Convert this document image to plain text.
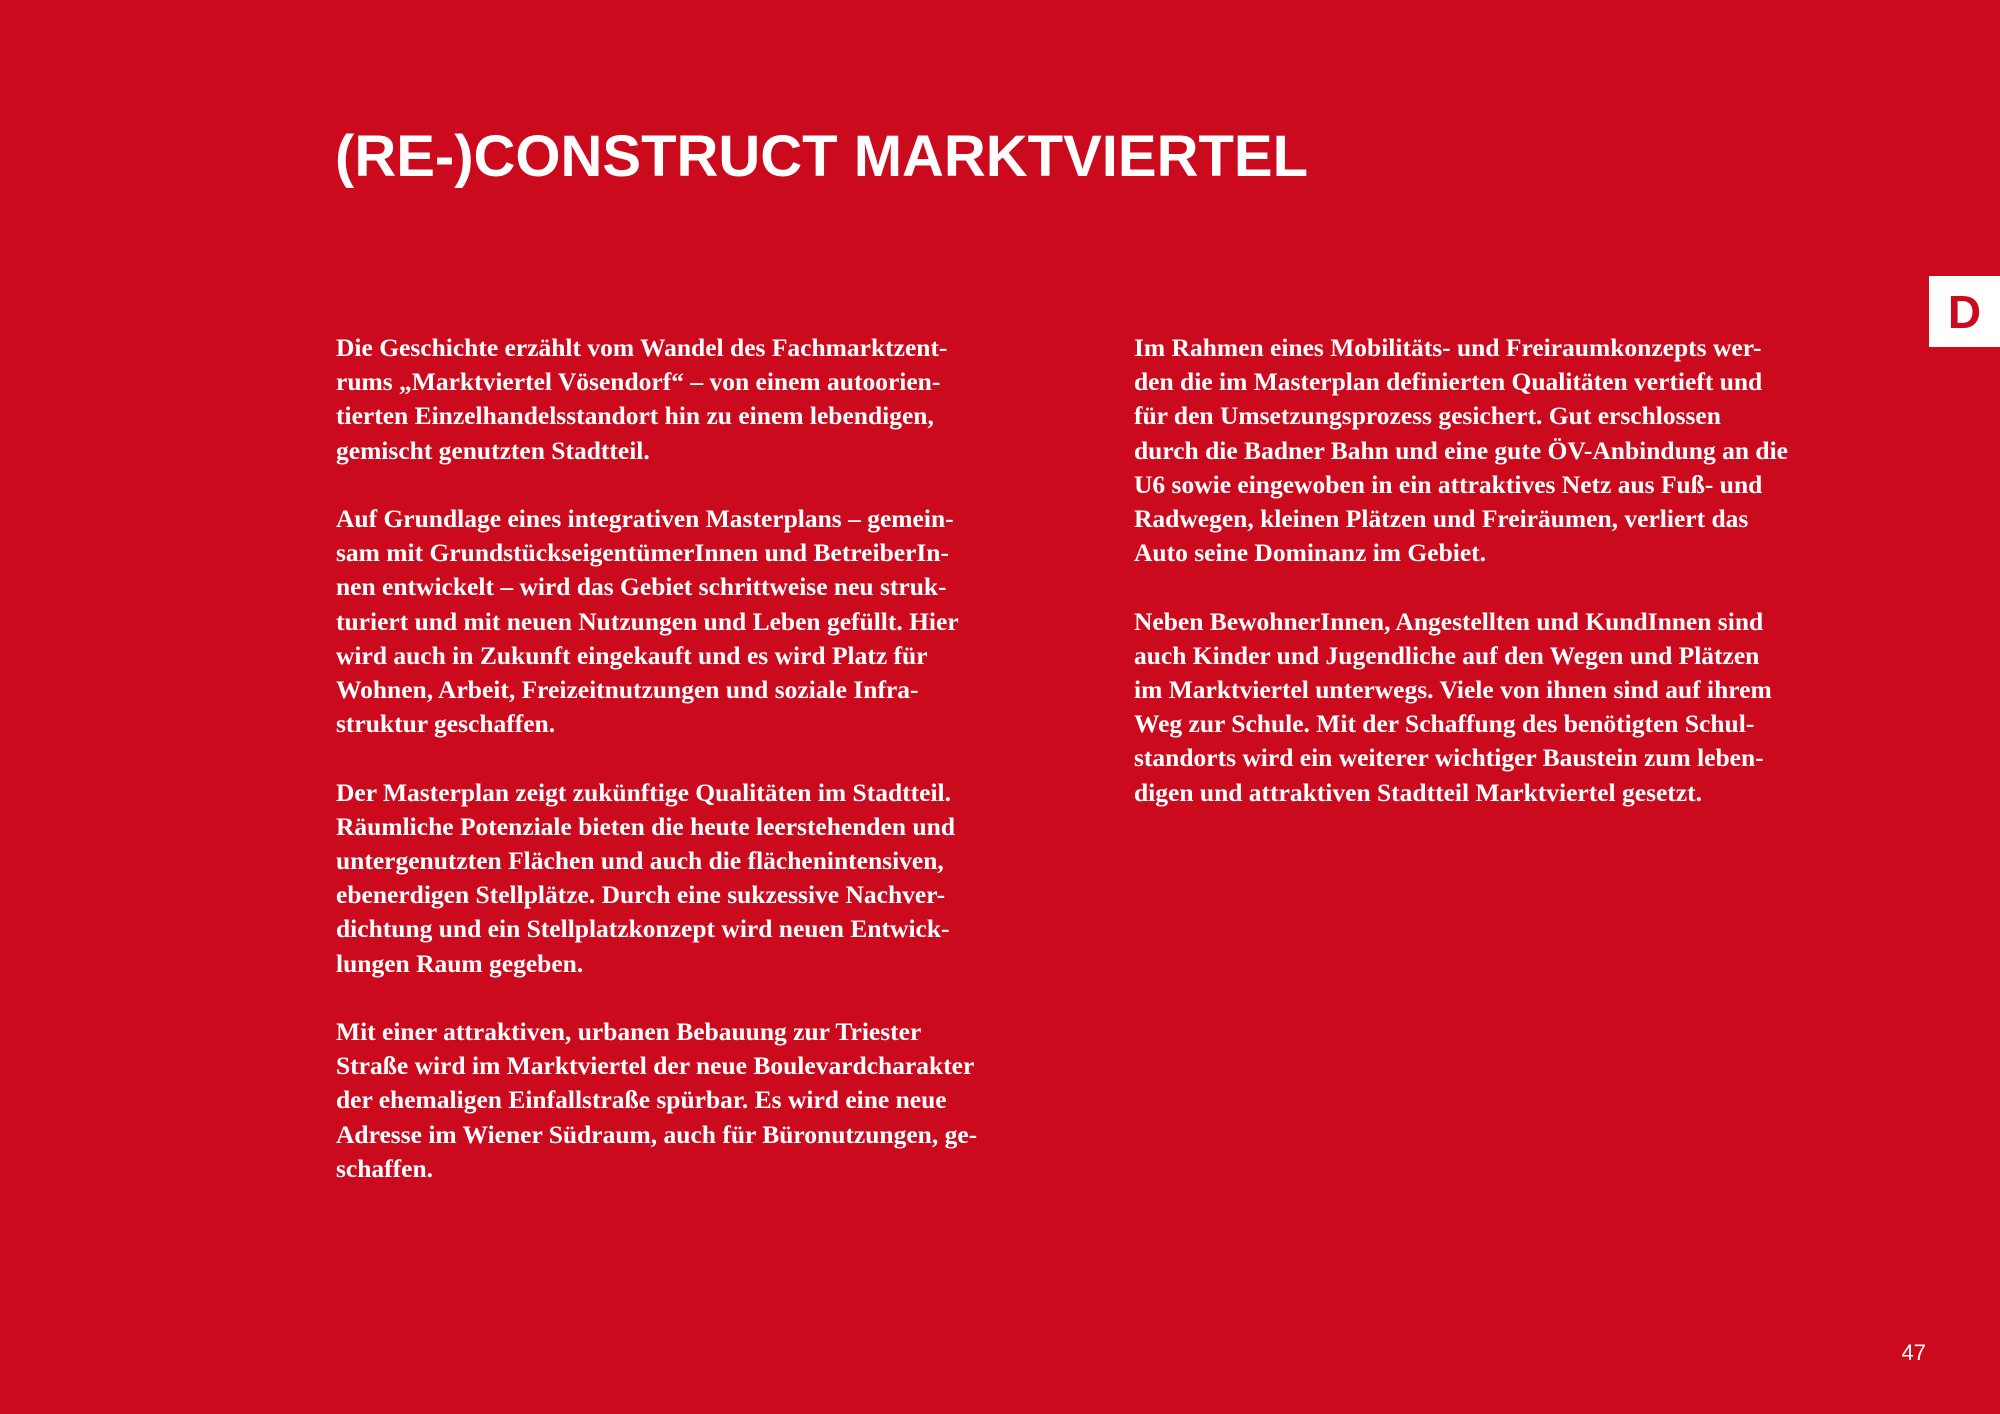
(RE-)CONSTRUCT MARKTVIERTEL
D

Die Geschichte erzählt vom Wandel des Fachmarktzent-
rums „Marktviertel Vösendorf“ – von einem autoorien-
tierten Einzelhandelsstandort hin zu einem lebendigen,
gemischt genutzten Stadtteil.

Auf Grundlage eines integrativen Masterplans – gemein-
sam mit GrundstückseigentümerInnen und BetreiberIn-
nen entwickelt – wird das Gebiet schrittweise neu struk-
turiert und mit neuen Nutzungen und Leben gefüllt. Hier
wird auch in Zukunft eingekauft und es wird Platz für
Wohnen, Arbeit, Freizeitnutzungen und soziale Infra-
struktur geschaffen.

Der Masterplan zeigt zukünftige Qualitäten im Stadtteil.
Räumliche Potenziale bieten die heute leerstehenden und
untergenutzten Flächen und auch die flächenintensiven,
ebenerdigen Stellplätze. Durch eine sukzessive Nachver-
dichtung und ein Stellplatzkonzept wird neuen Entwick-
lungen Raum gegeben.

Mit einer attraktiven, urbanen Bebauung zur Triester
Straße wird im Marktviertel der neue Boulevardcharakter
der ehemaligen Einfallstraße spürbar. Es wird eine neue
Adresse im Wiener Südraum, auch für Büronutzungen, ge-
schaffen.

Im Rahmen eines Mobilitäts- und Freiraumkonzepts wer-
den die im Masterplan definierten Qualitäten vertieft und
für den Umsetzungsprozess gesichert. Gut erschlossen
durch die Badner Bahn und eine gute ÖV-Anbindung an die
U6 sowie eingewoben in ein attraktives Netz aus Fuß- und
Radwegen, kleinen Plätzen und Freiräumen, verliert das
Auto seine Dominanz im Gebiet.

Neben BewohnerInnen, Angestellten und KundInnen sind
auch Kinder und Jugendliche auf den Wegen und Plätzen
im Marktviertel unterwegs. Viele von ihnen sind auf ihrem
Weg zur Schule. Mit der Schaffung des benötigten Schul-
standorts wird ein weiterer wichtiger Baustein zum leben-
digen und attraktiven Stadtteil Marktviertel gesetzt.

47
